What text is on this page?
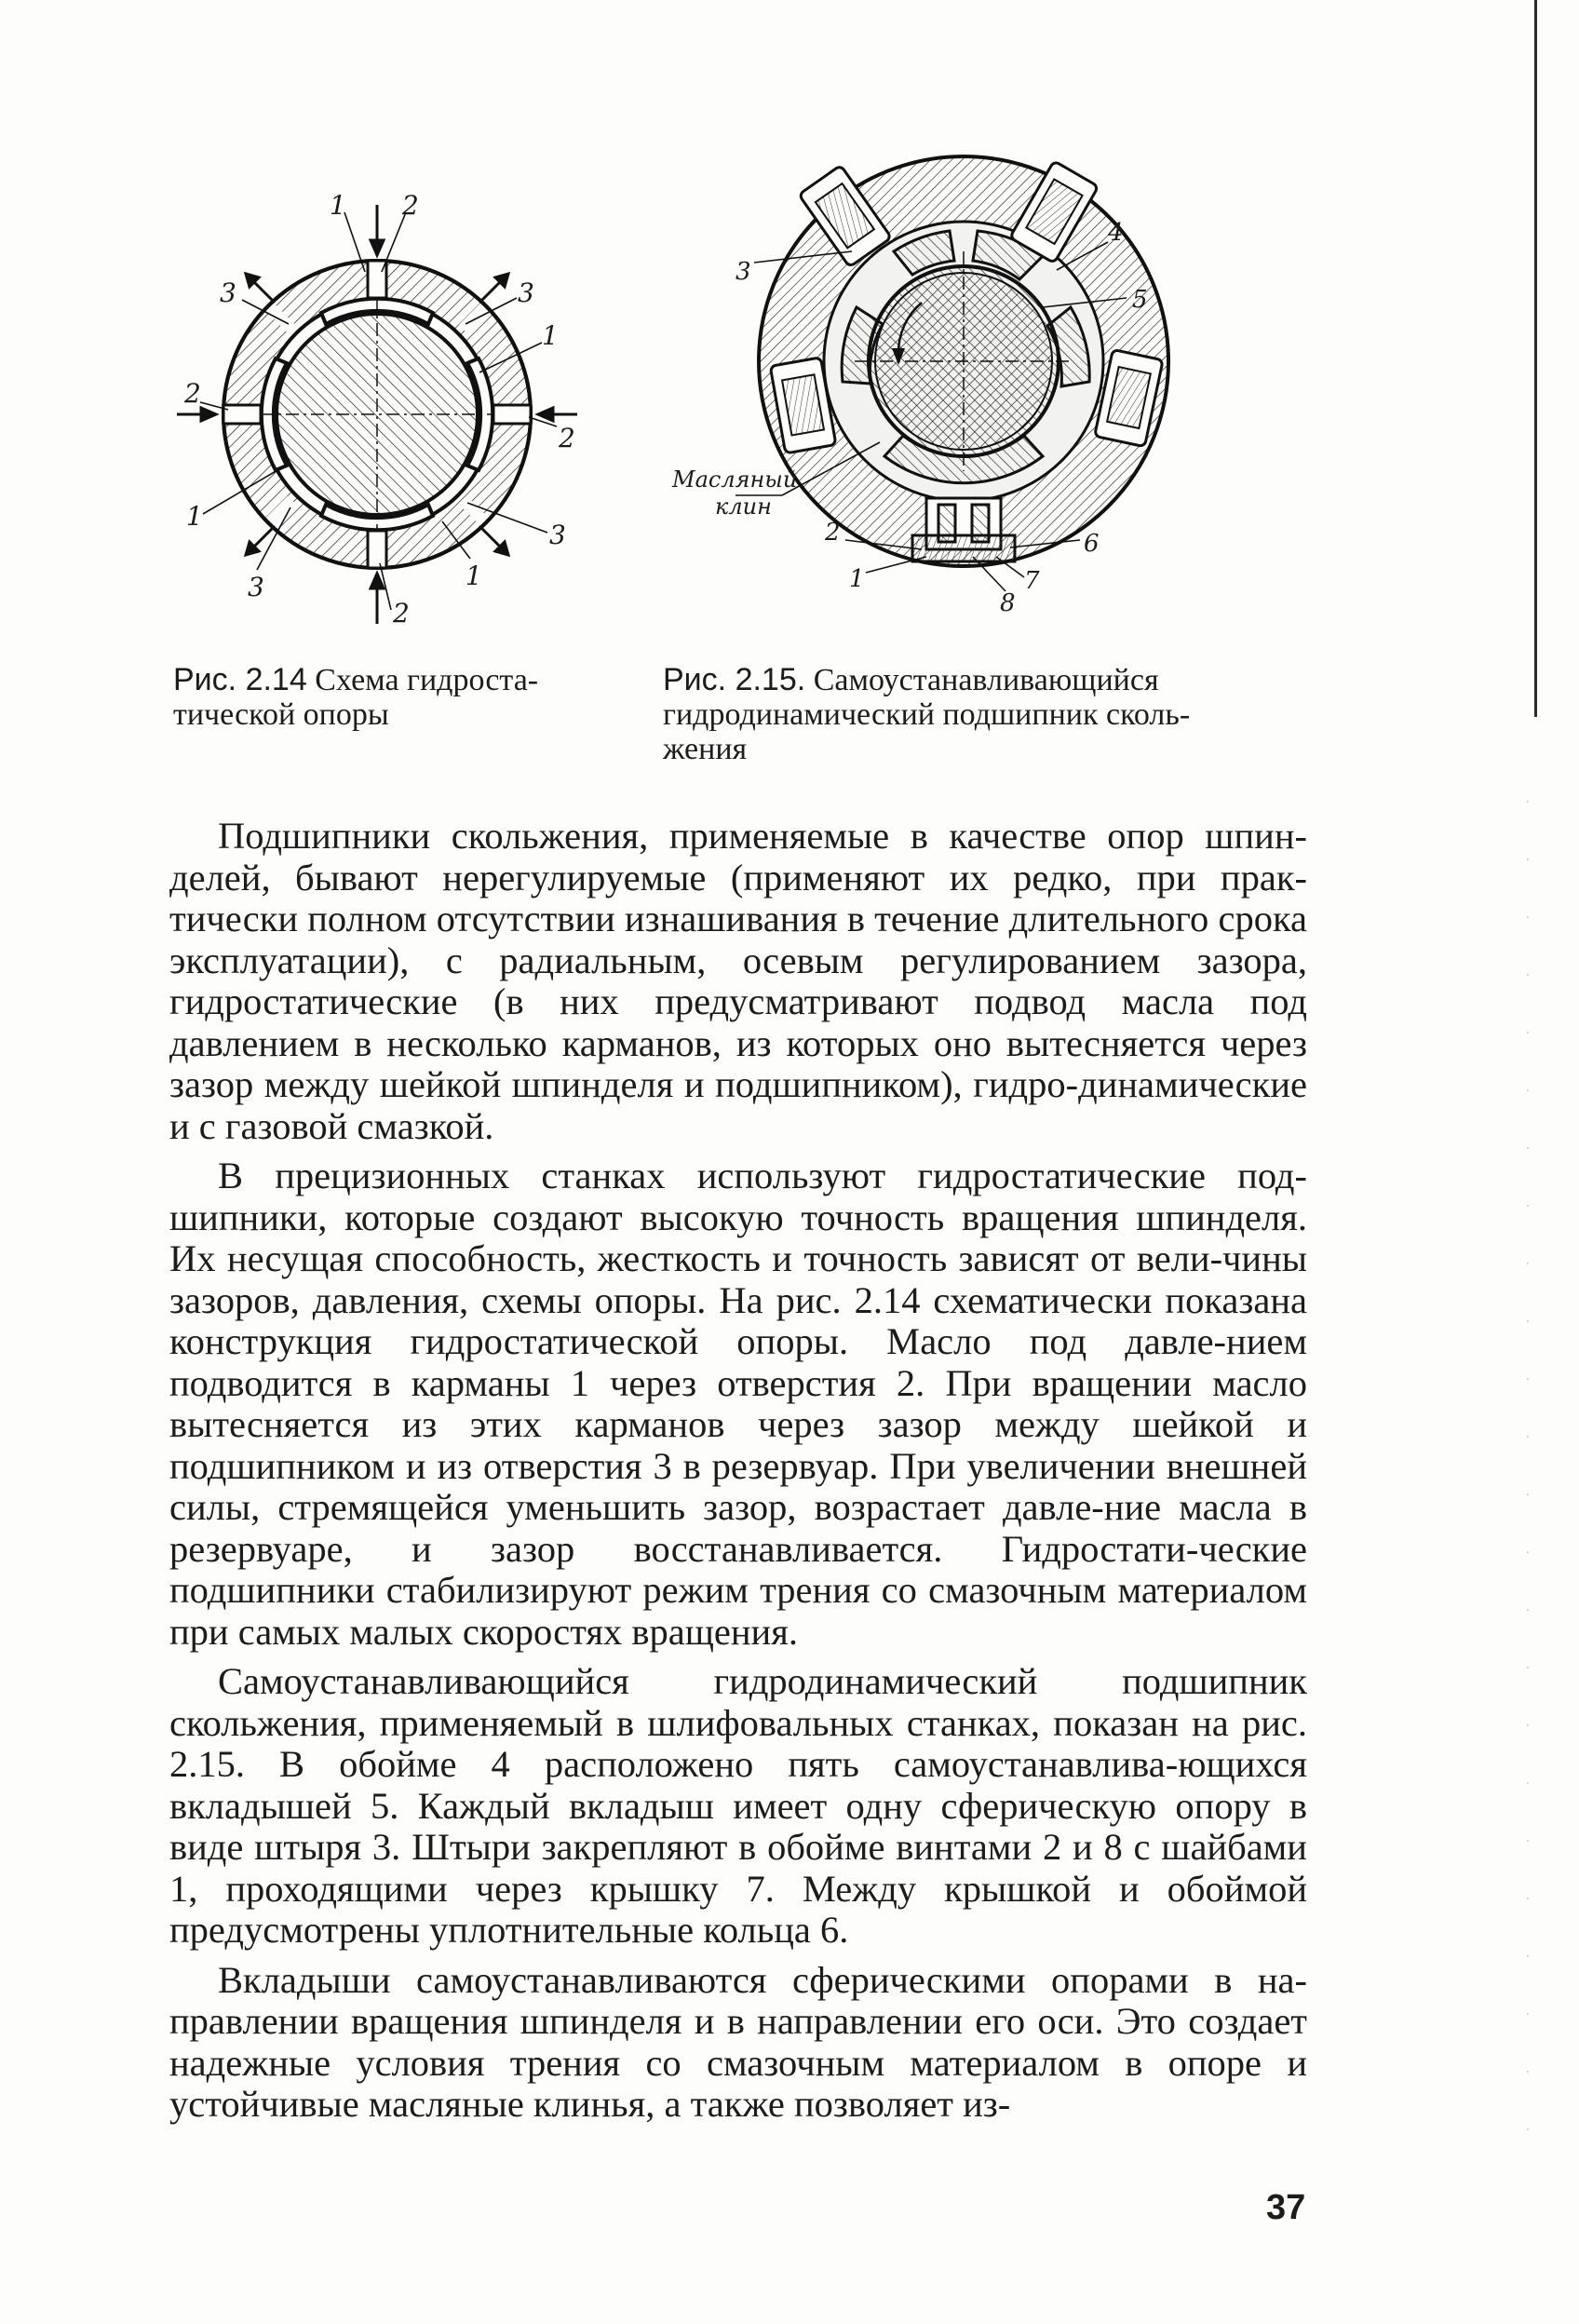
1 2
3	3
1
2
2
1
3
3	1
2
3
4
5
2
1
6
7
8
Масляный
клин
Рис. 2.14 Схема гидроста-тической опоры
Рис. 2.15. Самоустанавливающийся гидродинамический подшипник сколь-жения

Подшипники скольжения, применяемые в качестве опор шпин-делей, бывают нерегулируемые (применяют их редко, при прак-тически полном отсутствии изнашивания в течение длительного срока эксплуатации), с радиальным, осевым регулированием зазора, гидростатические (в них предусматривают подвод масла под давлением в несколько карманов, из которых оно вытесняется через зазор между шейкой шпинделя и подшипником), гидро-динамические и с газовой смазкой.

В прецизионных станках используют гидростатические под-шипники, которые создают высокую точность вращения шпинделя. Их несущая способность, жесткость и точность зависят от вели-чины зазоров, давления, схемы опоры. На рис. 2.14 схематически показана конструкция гидростатической опоры. Масло под давле-нием подводится в карманы 1 через отверстия 2. При вращении масло вытесняется из этих карманов через зазор между шейкой и подшипником и из отверстия 3 в резервуар. При увеличении внешней силы, стремящейся уменьшить зазор, возрастает давле-ние масла в резервуаре, и зазор восстанавливается. Гидростати-ческие подшипники стабилизируют режим трения со смазочным материалом при самых малых скоростях вращения.

Самоустанавливающийся гидродинамический подшипник скольжения, применяемый в шлифовальных станках, показан на рис. 2.15. В обойме 4 расположено пять самоустанавлива-ющихся вкладышей 5. Каждый вкладыш имеет одну сферическую опору в виде штыря 3. Штыри закрепляют в обойме винтами 2 и 8 с шайбами 1, проходящими через крышку 7. Между крышкой и обоймой предусмотрены уплотнительные кольца 6.

Вкладыши самоустанавливаются сферическими опорами в на-правлении вращения шпинделя и в направлении его оси. Это создает надежные условия трения со смазочным материалом в опоре и устойчивые масляные клинья, а также позволяет из-

37
